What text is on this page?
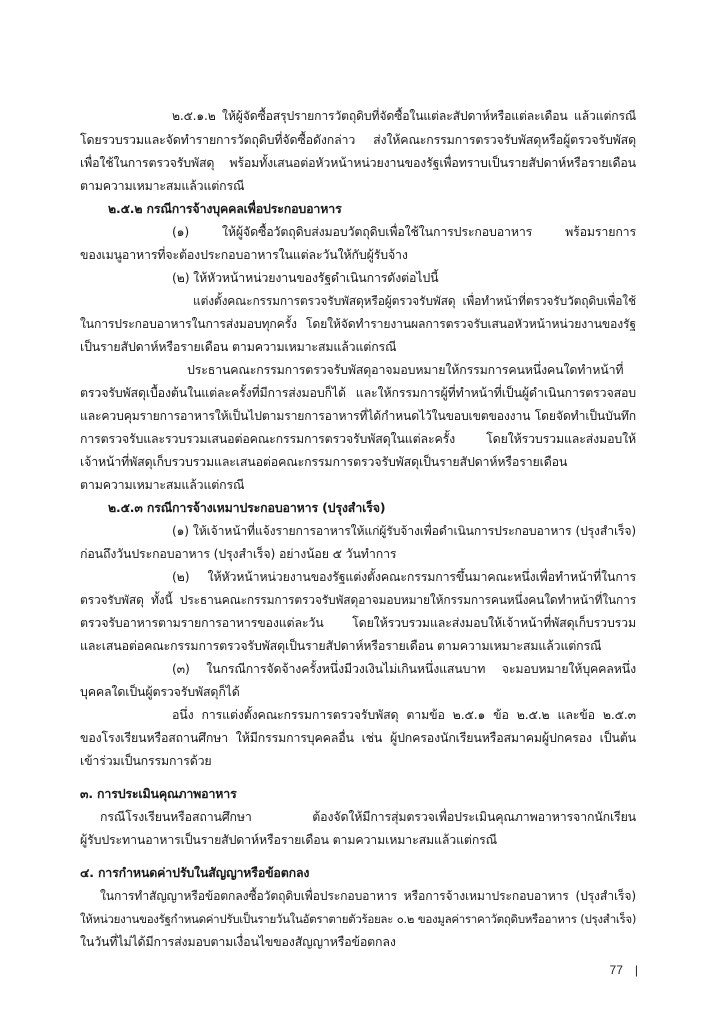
๒.๕.๑.๒ ให้ผู้จัดซื้อสรุปรายการวัตถุดิบที่จัดซื้อในแต่ละสัปดาห์หรือแต่ละเดือน แล้วแต่กรณี
โดยรวบรวมและจัดทำรายการวัตถุดิบที่จัดซื้อดังกล่าว ส่งให้คณะกรรมการตรวจรับพัสดุหรือผู้ตรวจรับพัสดุ
เพื่อใช้ในการตรวจรับพัสดุ พร้อมทั้งเสนอต่อหัวหน้าหน่วยงานของรัฐเพื่อทราบเป็นรายสัปดาห์หรือรายเดือน
ตามความเหมาะสมแล้วแต่กรณี
๒.๕.๒ กรณีการจ้างบุคคลเพื่อประกอบอาหาร
(๑) ให้ผู้จัดซื้อวัตถุดิบส่งมอบวัตถุดิบเพื่อใช้ในการประกอบอาหาร พร้อมรายการ
ของเมนูอาหารที่จะต้องประกอบอาหารในแต่ละวันให้กับผู้รับจ้าง
(๒) ให้หัวหน้าหน่วยงานของรัฐดำเนินการดังต่อไปนี้
แต่งตั้งคณะกรรมการตรวจรับพัสดุหรือผู้ตรวจรับพัสดุ เพื่อทำหน้าที่ตรวจรับวัตถุดิบเพื่อใช้
ในการประกอบอาหารในการส่งมอบทุกครั้ง โดยให้จัดทำรายงานผลการตรวจรับเสนอหัวหน้าหน่วยงานของรัฐ
เป็นรายสัปดาห์หรือรายเดือน ตามความเหมาะสมแล้วแต่กรณี
ประธานคณะกรรมการตรวจรับพัสดุอาจมอบหมายให้กรรมการคนหนึ่งคนใดทำหน้าที่
ตรวจรับพัสดุเบื้องต้นในแต่ละครั้งที่มีการส่งมอบก็ได้ และให้กรรมการผู้ที่ทำหน้าที่เป็นผู้ดำเนินการตรวจสอบ
และควบคุมรายการอาหารให้เป็นไปตามรายการอาหารที่ได้กำหนดไว้ในขอบเขตของงาน โดยจัดทำเป็นบันทึก
การตรวจรับและรวบรวมเสนอต่อคณะกรรมการตรวจรับพัสดุในแต่ละครั้ง โดยให้รวบรวมและส่งมอบให้
เจ้าหน้าที่พัสดุเก็บรวบรวมและเสนอต่อคณะกรรมการตรวจรับพัสดุเป็นรายสัปดาห์หรือรายเดือน
ตามความเหมาะสมแล้วแต่กรณี
๒.๕.๓ กรณีการจ้างเหมาประกอบอาหาร (ปรุงสำเร็จ)
(๑) ให้เจ้าหน้าที่แจ้งรายการอาหารให้แก่ผู้รับจ้างเพื่อดำเนินการประกอบอาหาร (ปรุงสำเร็จ)
ก่อนถึงวันประกอบอาหาร (ปรุงสำเร็จ) อย่างน้อย ๕ วันทำการ
(๒) ให้หัวหน้าหน่วยงานของรัฐแต่งตั้งคณะกรรมการขึ้นมาคณะหนึ่งเพื่อทำหน้าที่ในการ
ตรวจรับพัสดุ ทั้งนี้ ประธานคณะกรรมการตรวจรับพัสดุอาจมอบหมายให้กรรมการคนหนึ่งคนใดทำหน้าที่ในการ
ตรวจรับอาหารตามรายการอาหารของแต่ละวัน โดยให้รวบรวมและส่งมอบให้เจ้าหน้าที่พัสดุเก็บรวบรวม
และเสนอต่อคณะกรรมการตรวจรับพัสดุเป็นรายสัปดาห์หรือรายเดือน ตามความเหมาะสมแล้วแต่กรณี
(๓) ในกรณีการจัดจ้างครั้งหนึ่งมีวงเงินไม่เกินหนึ่งแสนบาท จะมอบหมายให้บุคคลหนึ่ง
บุคคลใดเป็นผู้ตรวจรับพัสดุก็ได้
อนึ่ง การแต่งตั้งคณะกรรมการตรวจรับพัสดุ ตามข้อ ๒.๕.๑ ข้อ ๒.๕.๒ และข้อ ๒.๕.๓
ของโรงเรียนหรือสถานศึกษา ให้มีกรรมการบุคคลอื่น เช่น ผู้ปกครองนักเรียนหรือสมาคมผู้ปกครอง เป็นต้น
เข้าร่วมเป็นกรรมการด้วย
๓. การประเมินคุณภาพอาหาร
กรณีโรงเรียนหรือสถานศึกษา ต้องจัดให้มีการสุ่มตรวจเพื่อประเมินคุณภาพอาหารจากนักเรียน
ผู้รับประทานอาหารเป็นรายสัปดาห์หรือรายเดือน ตามความเหมาะสมแล้วแต่กรณี
๔. การกำหนดค่าปรับในสัญญาหรือข้อตกลง
ในการทำสัญญาหรือข้อตกลงซื้อวัตถุดิบเพื่อประกอบอาหาร หรือการจ้างเหมาประกอบอาหาร (ปรุงสำเร็จ)
ให้หน่วยงานของรัฐกำหนดค่าปรับเป็นรายวันในอัตราตายตัวร้อยละ ๐.๒ ของมูลค่าราคาวัตถุดิบหรืออาหาร (ปรุงสำเร็จ)
ในวันที่ไม่ได้มีการส่งมอบตามเงื่อนไขของสัญญาหรือข้อตกลง
77 |
